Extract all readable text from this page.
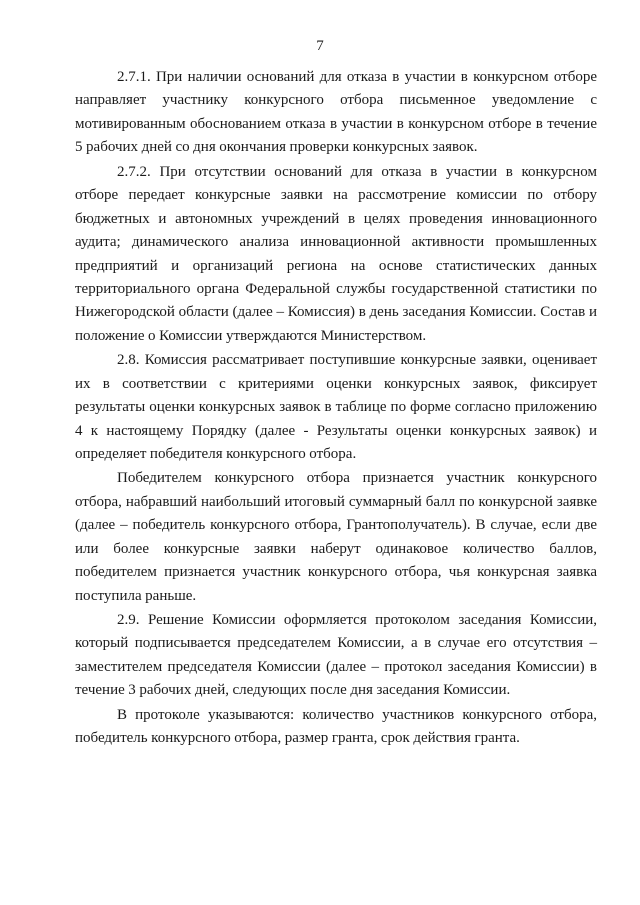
7

2.7.1. При наличии оснований для отказа в участии в конкурсном отборе направляет участнику конкурсного отбора письменное уведомление с мотивированным обоснованием отказа в участии в конкурсном отборе в течение 5 рабочих дней со дня окончания проверки конкурсных заявок.

2.7.2. При отсутствии оснований для отказа в участии в конкурсном отборе передает конкурсные заявки на рассмотрение комиссии по отбору бюджетных и автономных учреждений в целях проведения инновационного аудита; динамического анализа инновационной активности промышленных предприятий и организаций региона на основе статистических данных территориального органа Федеральной службы государственной статистики по Нижегородской области (далее – Комиссия) в день заседания Комиссии. Состав и положение о Комиссии утверждаются Министерством.

2.8. Комиссия рассматривает поступившие конкурсные заявки, оценивает их в соответствии с критериями оценки конкурсных заявок, фиксирует результаты оценки конкурсных заявок в таблице по форме согласно приложению 4 к настоящему Порядку (далее - Результаты оценки конкурсных заявок) и определяет победителя конкурсного отбора.

Победителем конкурсного отбора признается участник конкурсного отбора, набравший наибольший итоговый суммарный балл по конкурсной заявке (далее – победитель конкурсного отбора, Грантополучатель). В случае, если две или более конкурсные заявки наберут одинаковое количество баллов, победителем признается участник конкурсного отбора, чья конкурсная заявка поступила раньше.

2.9. Решение Комиссии оформляется протоколом заседания Комиссии, который подписывается председателем Комиссии, а в случае его отсутствия – заместителем председателя Комиссии (далее – протокол заседания Комиссии) в течение 3 рабочих дней, следующих после дня заседания Комиссии.

В протоколе указываются: количество участников конкурсного отбора, победитель конкурсного отбора, размер гранта, срок действия гранта.
